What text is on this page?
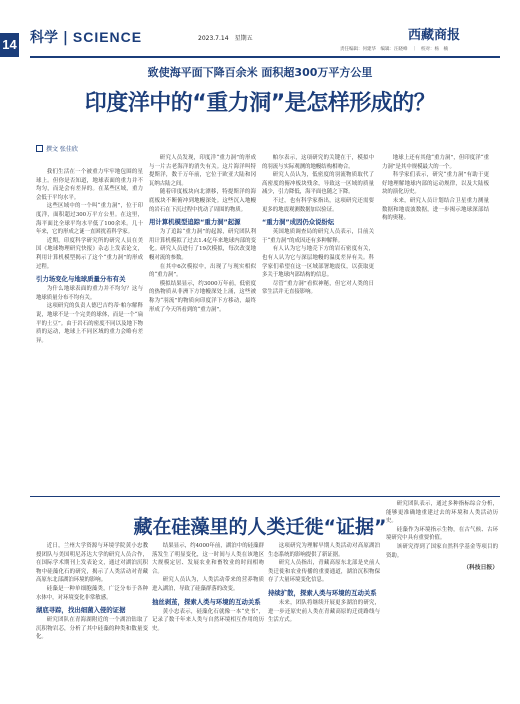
14 科学 | SCIENCE	2023.7.14　 星期五	西藏商报
责任编辑：何建华　编辑：汪晓峰　｜　校对：杨　楠
致使海平面下降百余米 面积超300万平方公里
印度洋中的“重力洞”是怎样形成的？
撰文 张佳欣

我们生活在一个被重力牢牢地包围的星球上。但你是否知道，地球表面的重力并不均匀，而是会有差异的。在某些区域，重力会低于平均水平。

这些区域中的一个叫“重力洞”，位于印度洋，面积超过300万平方公里。在这里，海平面比全球平均水平低了100余米。几十年来，它的形成之谜一直困扰着科学家。

近期，印度科学研究所的研究人员在美国《地球物理研究快报》杂志上发表论文，利用计算机模型揭示了这个“重力洞”的形成过程。

引力场变化与地球质量分布有关

为什么地球表面的重力并不均匀？这与地球质量分布不均有关。

这项研究的负责人德巴吉约蒂·帕尔解释说，地球不是一个完美的球体，而是一个“扁平的土豆”。由于岩石的密度不同以及地下物质的运动，地球上不同区域的重力会略有差异。

研究人员发现，印度洋“重力洞”的形成与一片古老海洋的消失有关。这片海洋叫特提斯洋，数千万年前，它位于欧亚大陆和冈瓦纳古陆之间。

随着印度板块向北漂移，特提斯洋的海底板块不断俯冲到地幔深处。这些沉入地幔的岩石在下沉过程中扰动了周围的物质。

用计算机模型追踪“重力洞”起源

为了追踪“重力洞”的起源，研究团队利用计算机模拟了过去1.4亿年来地球内部的变化。研究人员进行了19次模拟，每次改变地幔对流的参数。

在其中6次模拟中，出现了与现实相似的“重力洞”。

模拟结果显示，约3000万年前，低密度的热物质从非洲下方地幔深处上涌，这些被称为“羽流”的物质向印度洋下方移动，最终形成了今天所看到的“重力洞”。

帕尔表示，这项研究的关键在于，模拟中的羽流与实际观测的地幔结构相吻合。

研究人员认为，低密度的羽流物质取代了高密度的俯冲板块残余，导致这一区域的质量减少，引力降低，海平面也随之下降。

不过，也有科学家指出，这项研究还需要更多的地震观测数据加以验证。

“重力洞”成因仍众说纷纭

英国地质调查局的研究人员表示，目前关于“重力洞”的成因还有多种解释。

有人认为它与地壳下方的岩石密度有关，也有人认为它与深层地幔的温度差异有关。科学家们希望在这一区域部署地震仪，以获取更多关于地球内部结构的信息。

尽管“重力洞”看似神秘，但它对人类的日常生活并无直接影响。

地球上还有其他“重力洞”，但印度洋“重力洞”是其中规模最大的一个。

科学家们表示，研究“重力洞”有助于更好地理解地球内部的运动规律，以及大陆板块的演化历史。

未来，研究人员计划结合卫星重力测量数据和地震波数据，进一步揭示地球深部结构的奥秘。

研究团队表示，通过多种指标综合分析，能够更准确地重建过去的环境和人类活动历史。

硅藻作为环境指示生物，在古气候、古环境研究中具有重要价值。

该研究得到了国家自然科学基金等项目的资助。

（科技日报）
藏在硅藻里的人类迁徙“证据”

近日，兰州大学资源与环境学院黄小忠教授团队与美国明尼苏达大学的研究人员合作，在国际学术期刊上发表论文，通过对湖泊沉积物中硅藻化石的研究，揭示了人类活动对青藏高原东北部湖泊环境的影响。

硅藻是一种单细胞藻类，广泛分布于各种水体中，对环境变化非常敏感。

湖底寻踪，找出细菌入侵的证据

研究团队在青海湖附近的一个湖泊钻取了沉积物岩芯，分析了其中硅藻的种类和数量变化。

结果显示，约4000年前，湖泊中的硅藻群落发生了明显变化，这一时间与人类在该地区大规模定居、发展农业和畜牧业的时间相吻合。

研究人员认为，人类活动带来的营养物质进入湖泊，导致了硅藻群落的改变。

抽丝剥茧，探索人类与环境的互动关系

黄小忠表示，硅藻化石就像一本“史书”，记录了数千年来人类与自然环境相互作用的历史。

这项研究为理解早期人类活动对高原湖泊生态系统的影响提供了新证据。

研究人员指出，青藏高原东北部是史前人类迁徙和农业传播的重要通道，湖泊沉积物保存了大量环境变化信息。

持续扩散，探索人类与环境的互动关系

未来，团队将继续开展更多湖泊的研究，进一步还原史前人类在青藏高原的迁徙路线与生活方式。
